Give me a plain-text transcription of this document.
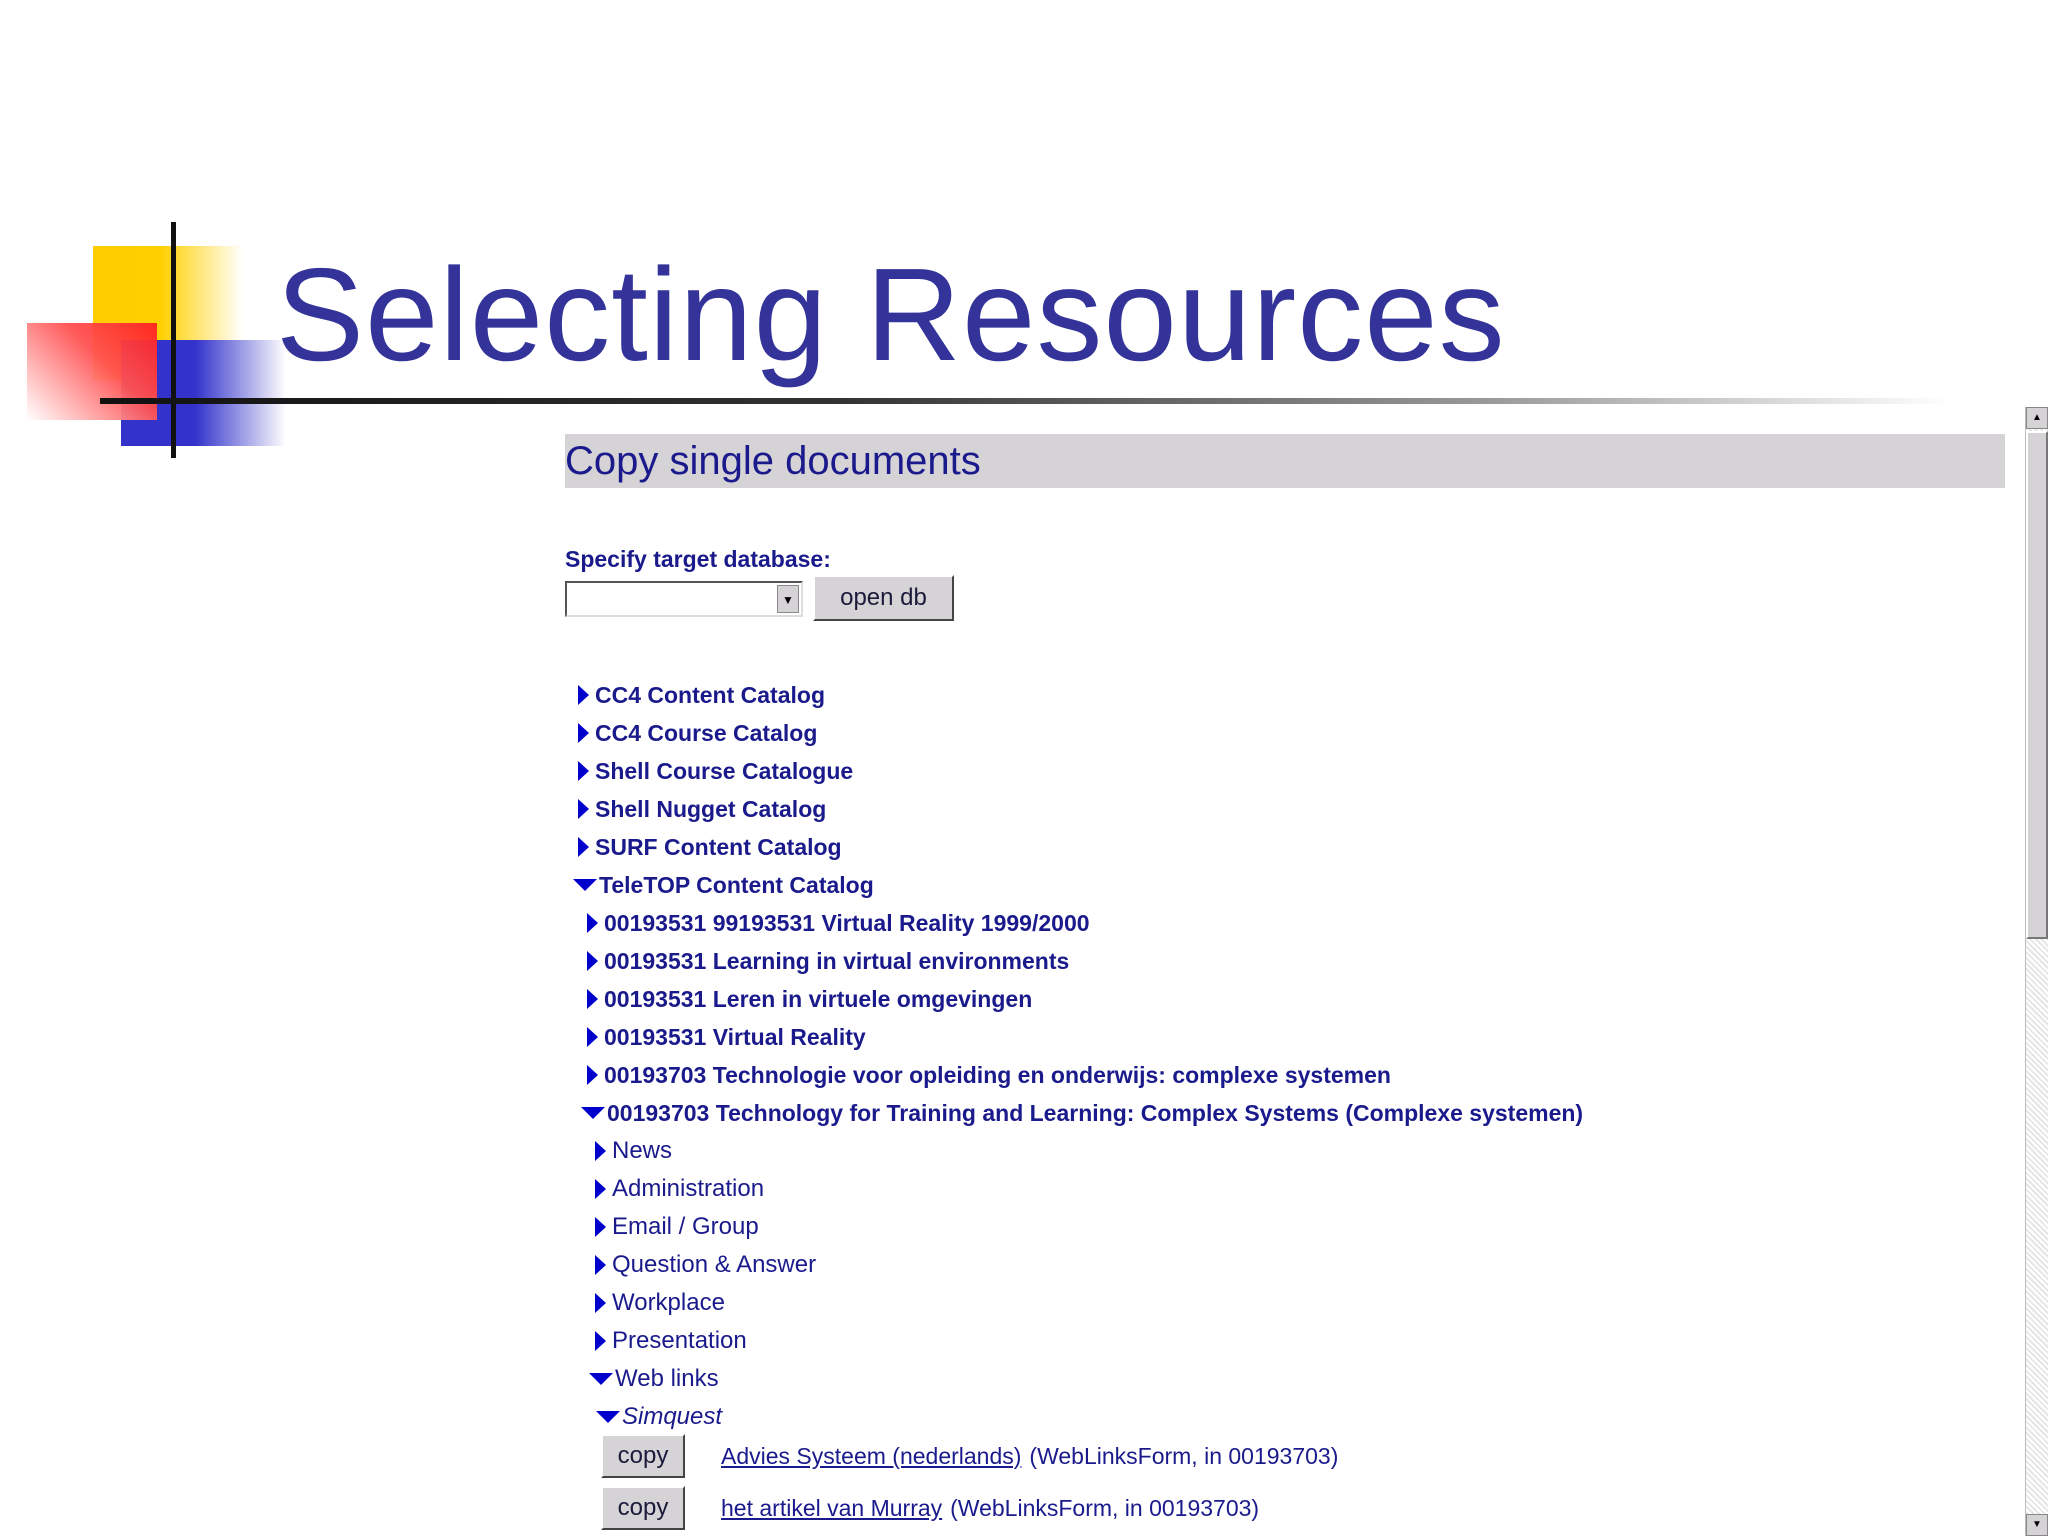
Selecting Resources
Copy single documents
Specify target database:
▼	open db
CC4 Content Catalog
CC4 Course Catalog
Shell Course Catalogue
Shell Nugget Catalog
SURF Content Catalog
TeleTOP Content Catalog
00193531 99193531 Virtual Reality 1999/2000
00193531 Learning in virtual environments
00193531 Leren in virtuele omgevingen
00193531 Virtual Reality
00193703 Technologie voor opleiding en onderwijs: complexe systemen
00193703 Technology for Training and Learning: Complex Systems (Complexe systemen)
News
Administration
Email / Group
Question & Answer
Workplace
Presentation
Web links
Simquest
copy	Advies Systeem (nederlands) (WebLinksForm, in 00193703)
copy	het artikel van Murray (WebLinksForm, in 00193703)
▲
▼
